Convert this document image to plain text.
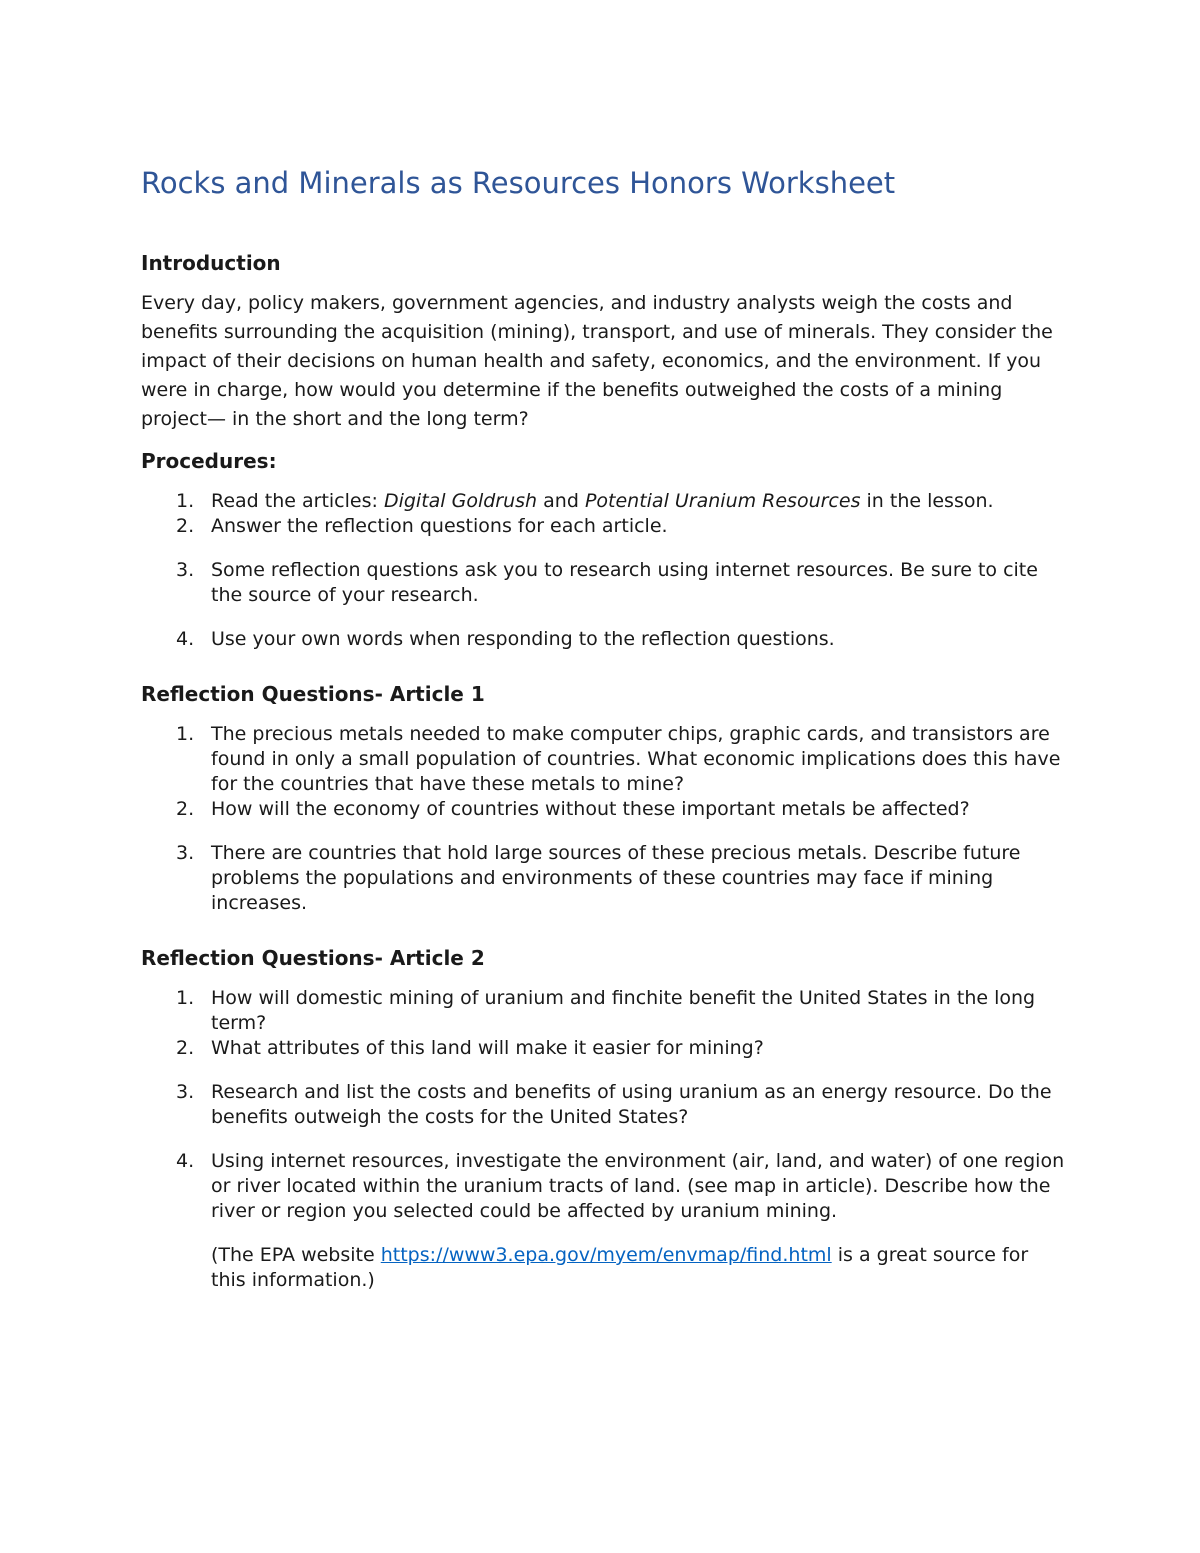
Rocks and Minerals as Resources Honors Worksheet
Introduction

Every day, policy makers, government agencies, and industry analysts weigh the costs and benefits surrounding the acquisition (mining), transport, and use of minerals. They consider the impact of their decisions on human health and safety, economics, and the environment. If you were in charge, how would you determine if the benefits outweighed the costs of a mining project— in the short and the long term?

Procedures:
1. Read the articles: Digital Goldrush and Potential Uranium Resources in the lesson.
2. Answer the reflection questions for each article.
3. Some reflection questions ask you to research using internet resources. Be sure to cite the source of your research.
4. Use your own words when responding to the reflection questions.
Reflection Questions- Article 1
1. The precious metals needed to make computer chips, graphic cards, and transistors are found in only a small population of countries. What economic implications does this have for the countries that have these metals to mine?
2. How will the economy of countries without these important metals be affected?
3. There are countries that hold large sources of these precious metals. Describe future problems the populations and environments of these countries may face if mining increases.
Reflection Questions- Article 2
1. How will domestic mining of uranium and finchite benefit the United States in the long term?
2. What attributes of this land will make it easier for mining?
3. Research and list the costs and benefits of using uranium as an energy resource. Do the benefits outweigh the costs for the United States?
4. Using internet resources, investigate the environment (air, land, and water) of one region or river located within the uranium tracts of land. (see map in article). Describe how the river or region you selected could be affected by uranium mining.

(The EPA website https://www3.epa.gov/myem/envmap/find.html is a great source for this information.)
